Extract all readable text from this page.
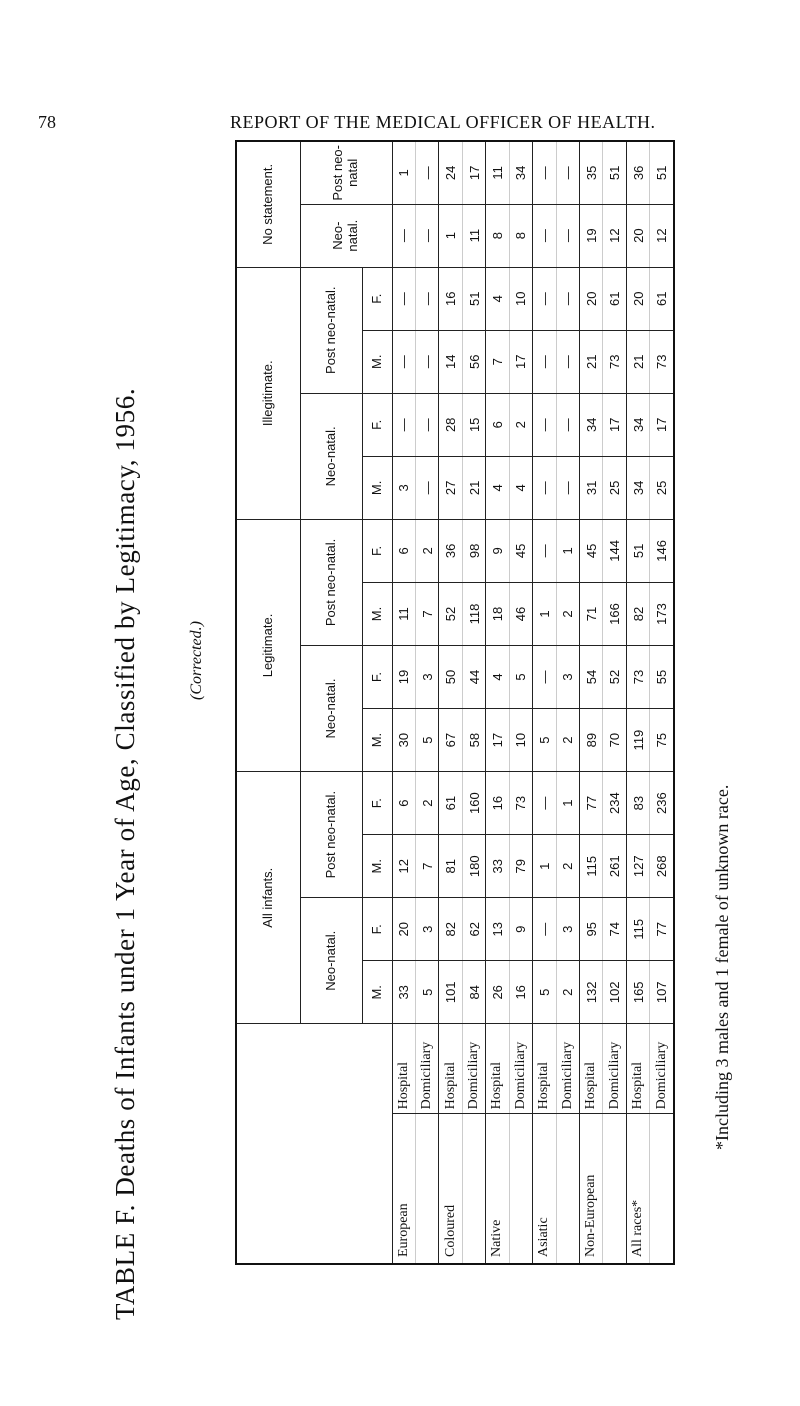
78	REPORT OF THE MEDICAL OFFICER OF HEALTH.
TABLE F. Deaths of Infants under 1 Year of Age, Classified by Legitimacy, 1956.	(Corrected.)
		All infants.				Legitimate.				Illegitimate.				No statement.	
		Neo-natal.		Post neo-natal.		Neo-natal.		Post neo-natal.		Neo-natal.		Post neo-natal.		Neo-natal.	Post neo-natal
		M.	F.	M.	F.	M.	F.	M.	F.	M.	F.	M.	F.		
European	Hospital	33	20	12	6	30	19	11	6	3	—	—	—	—	1
	Domiciliary	5	3	7	2	5	3	7	2	—	—	—	—	—	—
Coloured	Hospital	101	82	81	61	67	50	52	36	27	28	14	16	1	24
	Domiciliary	84	62	180	160	58	44	118	98	21	15	56	51	11	17
Native	Hospital	26	13	33	16	17	4	18	9	4	6	7	4	8	11
	Domiciliary	16	9	79	73	10	5	46	45	4	2	17	10	8	34
Asiatic	Hospital	5	—	1	—	5	—	1	—	—	—	—	—	—	—
	Domiciliary	2	3	2	1	2	3	2	1	—	—	—	—	—	—
Non-European	Hospital	132	95	115	77	89	54	71	45	31	34	21	20	19	35
	Domiciliary	102	74	261	234	70	52	166	144	25	17	73	61	12	51
All races*	Hospital	165	115	127	83	119	73	82	51	34	34	21	20	20	36
	Domiciliary	107	77	268	236	75	55	173	146	25	17	73	61	12	51
*Including 3 males and 1 female of unknown race.
